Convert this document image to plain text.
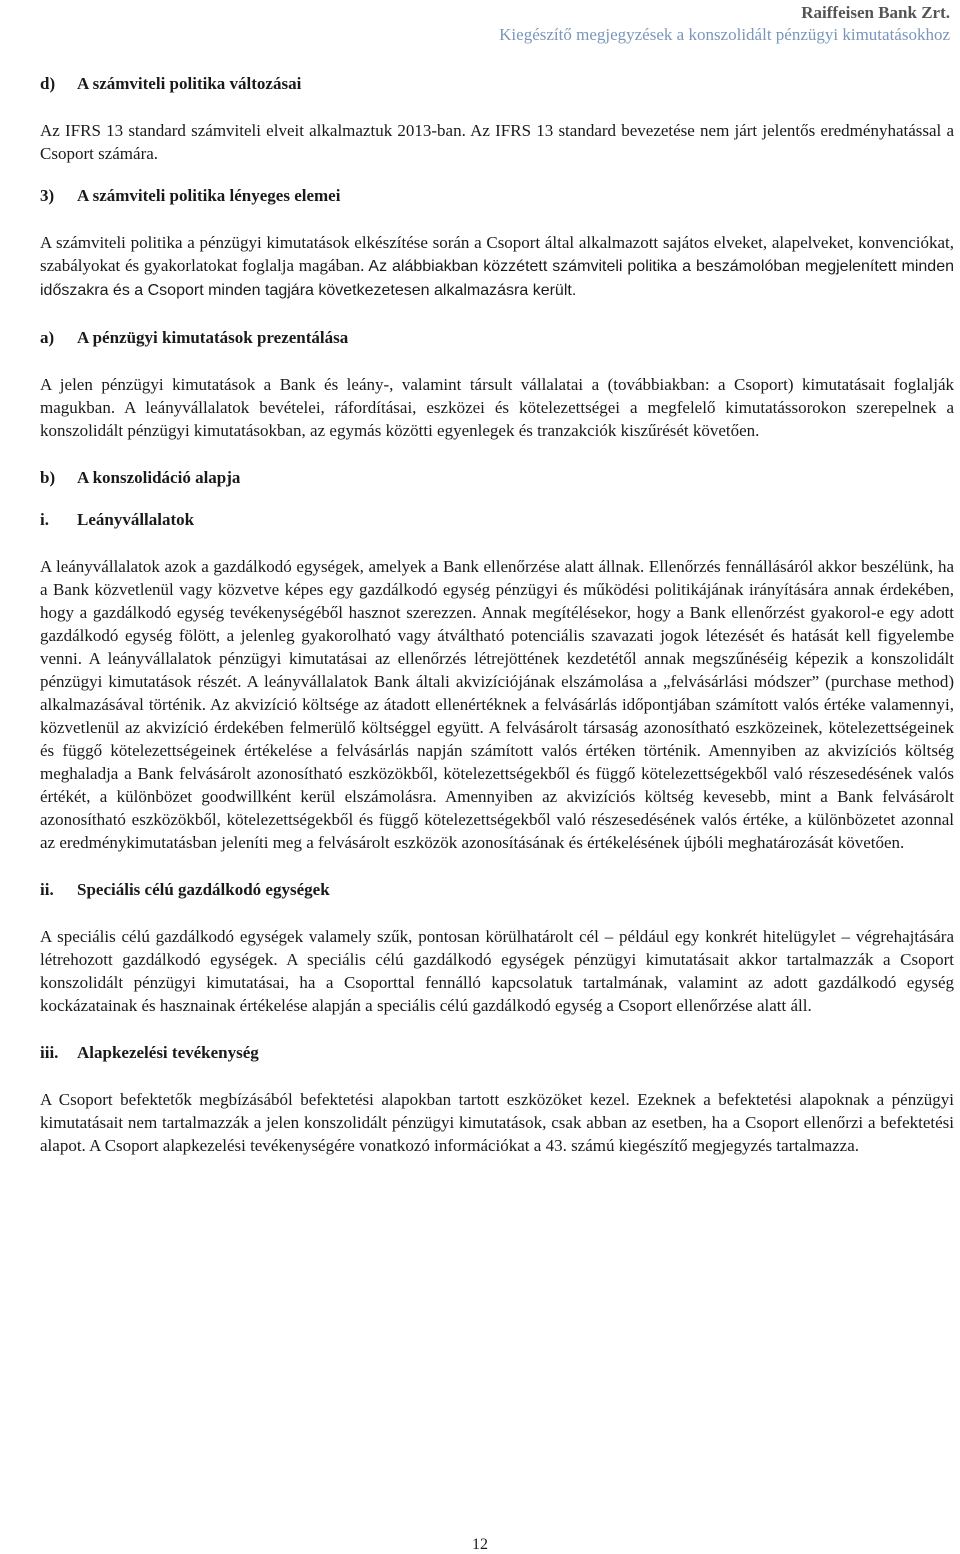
Raiffeisen Bank Zrt.
Kiegészítő megjegyzések a konszolidált pénzügyi kimutatásokhoz
d) A számviteli politika változásai

Az IFRS 13 standard számviteli elveit alkalmaztuk 2013-ban. Az IFRS 13 standard bevezetése nem járt jelentős eredményhatással a Csoport számára.

3) A számviteli politika lényeges elemei

A számviteli politika a pénzügyi kimutatások elkészítése során a Csoport által alkalmazott sajátos elveket, alapelveket, konvenciókat, szabályokat és gyakorlatokat foglalja magában. Az alábbiakban közzétett számviteli politika a beszámolóban megjelenített minden időszakra és a Csoport minden tagjára következetesen alkalmazásra került.

a) A pénzügyi kimutatások prezentálása

A jelen pénzügyi kimutatások a Bank és leány-, valamint társult vállalatai a (továbbiakban: a Csoport) kimutatásait foglalják magukban. A leányvállalatok bevételei, ráfordításai, eszközei és kötelezettségei a megfelelő kimutatássorokon szerepelnek a konszolidált pénzügyi kimutatásokban, az egymás közötti egyenlegek és tranzakciók kiszűrését követően.

b) A konszolidáció alapja
i. Leányvállalatok

A leányvállalatok azok a gazdálkodó egységek, amelyek a Bank ellenőrzése alatt állnak. Ellenőrzés fennállásáról akkor beszélünk, ha a Bank közvetlenül vagy közvetve képes egy gazdálkodó egység pénzügyi és működési politikájának irányítására annak érdekében, hogy a gazdálkodó egység tevékenységéből hasznot szerezzen. Annak megítélésekor, hogy a Bank ellenőrzést gyakorol-e egy adott gazdálkodó egység fölött, a jelenleg gyakorolható vagy átváltható potenciális szavazati jogok létezését és hatását kell figyelembe venni. A leányvállalatok pénzügyi kimutatásai az ellenőrzés létrejöttének kezdetétől annak megszűnéséig képezik a konszolidált pénzügyi kimutatások részét. A leányvállalatok Bank általi akvizíciójának elszámolása a „felvásárlási módszer” (purchase method) alkalmazásával történik. Az akvizíció költsége az átadott ellenértéknek a felvásárlás időpontjában számított valós értéke valamennyi, közvetlenül az akvizíció érdekében felmerülő költséggel együtt. A felvásárolt társaság azonosítható eszközeinek, kötelezettségeinek és függő kötelezettségeinek értékelése a felvásárlás napján számított valós értéken történik. Amennyiben az akvizíciós költség meghaladja a Bank felvásárolt azonosítható eszközökből, kötelezettségekből és függő kötelezettségekből való részesedésének valós értékét, a különbözet goodwillként kerül elszámolásra. Amennyiben az akvizíciós költség kevesebb, mint a Bank felvásárolt azonosítható eszközökből, kötelezettségekből és függő kötelezettségekből való részesedésének valós értéke, a különbözetet azonnal az eredménykimutatásban jeleníti meg a felvásárolt eszközök azonosításának és értékelésének újbóli meghatározását követően.

ii. Speciális célú gazdálkodó egységek

A speciális célú gazdálkodó egységek valamely szűk, pontosan körülhatárolt cél – például egy konkrét hitelügylet – végrehajtására létrehozott gazdálkodó egységek. A speciális célú gazdálkodó egységek pénzügyi kimutatásait akkor tartalmazzák a Csoport konszolidált pénzügyi kimutatásai, ha a Csoporttal fennálló kapcsolatuk tartalmának, valamint az adott gazdálkodó egység kockázatainak és hasznainak értékelése alapján a speciális célú gazdálkodó egység a Csoport ellenőrzése alatt áll.

iii. Alapkezelési tevékenység

A Csoport befektetők megbízásából befektetési alapokban tartott eszközöket kezel. Ezeknek a befektetési alapoknak a pénzügyi kimutatásait nem tartalmazzák a jelen konszolidált pénzügyi kimutatások, csak abban az esetben, ha a Csoport ellenőrzi a befektetési alapot. A Csoport alapkezelési tevékenységére vonatkozó információkat a 43. számú kiegészítő megjegyzés tartalmazza.

12
